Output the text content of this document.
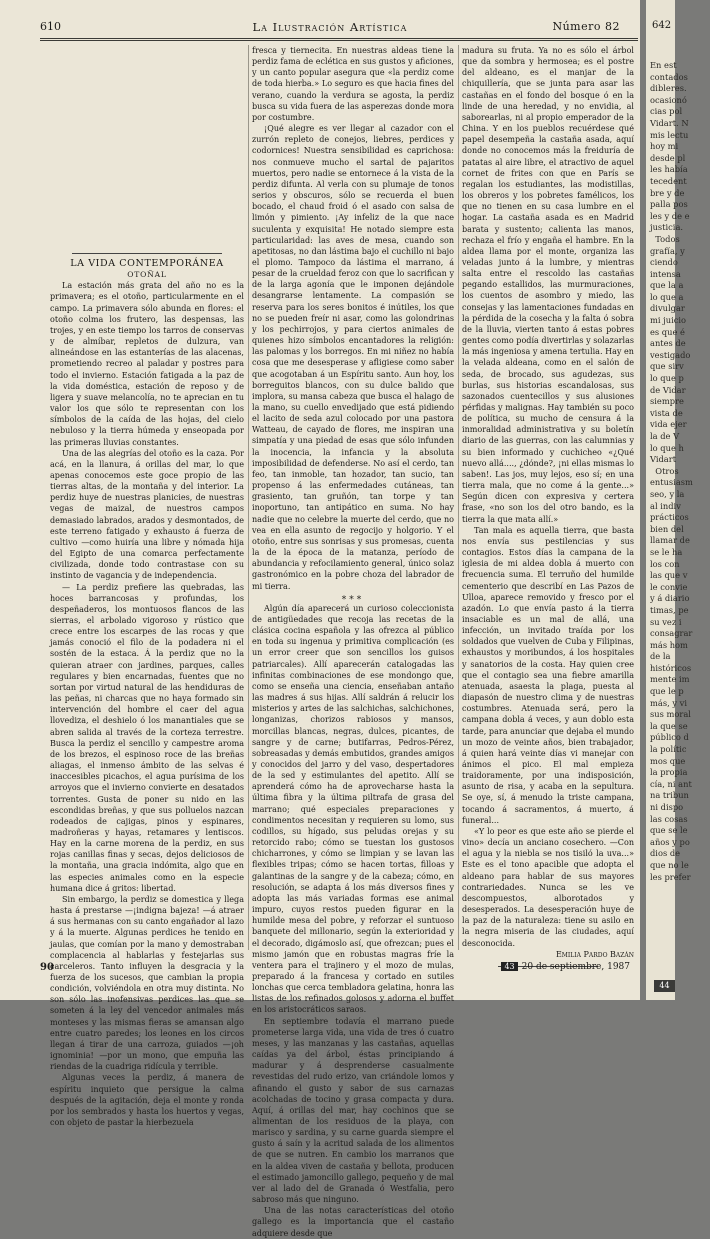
610	La Ilustración Artística	Número 82

LA VIDA CONTEMPORÁNEA

OTOÑAL

La estación más grata del año no es la primavera; es el otoño, particularmente en el campo. La primavera sólo abunda en flores: el otoño colma los frutero, las despensas, las trojes, y en este tiempo los tarros de conservas y de almíbar, repletos de dulzura, van alineándose en las estanterías de las alacenas, prometiendo recreo al paladar y postres para todo el invierno. Estación fatigada a la paz de la vida doméstica, estación de reposo y de ligera y suave melancolía, no te aprecian en tu valor los que sólo te representan con los símbolos de la caída de las hojas, del cielo nebuloso y la tierra húmeda y enseopada por las primeras lluvias constantes.

Una de las alegrías del otoño es la caza. Por acá, en la llanura, á orillas del mar, lo que apenas conocemos este goce propio de las tierras altas, de la montaña y del interior. La perdiz huye de nuestras planicies, de nuestras vegas de maizal, de nuestros campos demasiado labrados, arados y desmontados, de este terreno fatigado y exhausto á fuerza de cultivo —como huiría una libre y nómada hija del Egipto de una comarca perfectamente civilizada, donde todo contrastase con su instinto de vagancia y de independencia.

— La perdiz prefiere las quebradas, las hoces barrancosas y profundas, los despeñaderos, los montuosos flancos de las sierras, el arbolado vigoroso y rústico que crece entre los escarpes de las rocas y que jamás conoció el filo de la podadera ni el sostén de la estaca. Á la perdiz que no la quieran atraer con jardines, parques, calles regulares y bien encarnadas, fuentes que no sortan por virtud natural de las hendiduras de las peñas, ni charcas que no haya formado sin intervención del hombre el caer del agua llovediza, el deshielo ó los manantiales que se abren salida al través de la corteza terrestre. Busca la perdiz el sencillo y campestre aroma de los brezos, el espinoso roce de las breñas aliagas, el inmenso ámbito de las selvas é inaccesibles picachos, el agua purísima de los arroyos que el invierno convierte en desatados torrentes. Gusta de poner su nido en las escondidas breñas, y que sus polluelos nazcan rodeados de cajigas, pinos y espinares, madroñeras y hayas, retamares y lentiscos. Hay en la carne morena de la perdiz, en sus rojas canillas finas y secas, dejos deliciosos de la montaña, una gracia indómita, algo que en las especies animales como en la especie humana dice á gritos: libertad.

Sin embargo, la perdiz se domestica y llega hasta á prestarse —¡indigna bajeza! —á atraer á sus hermanas con su canto engañador al lazo y á la muerte. Algunas perdices he tenido en jaulas, que comían por la mano y demostraban complacencia al hablarlas y festejarlas sus carceleros. Tanto influyen la desgracia y la fuerza de los sucesos, que cambian la propia condición, volviéndola en otra muy distinta. No son sólo las inofensivas perdices las que se someten á la ley del vencedor animales más monteses y las mismas fieras se amansan algo entre cuatro paredes; los leones en los circos llegan á tirar de una carroza, guiados —¡oh ignominia! —por un mono, que empuña las riendas de la cuadriga ridícula y terrible.

Algunas veces la perdiz, á manera de espíritu inquieto que persigue la calma después de la agitación, deja el monte y ronda por los sembrados y hasta los huertos y vegas, con objeto de pastar la hierbezuela

fresca y tiernecita. En nuestras aldeas tiene la perdiz fama de eclética en sus gustos y aficiones, y un canto popular asegura que «la perdiz come de toda hierba.» Lo seguro es que hacia fines del verano, cuando la verdura se agosta, la perdiz busca su vida fuera de las asperezas donde mora por costumbre.

¡Qué alegre es ver llegar al cazador con el zurrón repleto de conejos, liebres, perdices y codornices! Nuestra sensibilidad es caprichosa: nos conmueve mucho el sartal de pajaritos muertos, pero nadie se entornece á la vista de la perdiz difunta. Al verla con su plumaje de tonos serios y obscuros, sólo se recuerda el buen bocado, el chaud froid ó el asado con salsa de limón y pimiento. ¡Ay infeliz de la que nace suculenta y exquisita! He notado siempre esta particularidad: las aves de mesa, cuando son apetitosas, no dan lástima bajo el cuchillo ni bajo el plomo. Tampoco da lástima el marrano, á pesar de la crueldad feroz con que lo sacrifican y de la larga agonía que le imponen dejándole desangrarse lentamente. La compasión se reserva para los seres bonitos é inútiles, los que no se pueden freír ni asar, como las golondrinas y los pechirrojos, y para ciertos animales de quienes hizo símbolos encantadores la religión: las palomas y los borregos. En mi niñez no había cosa que me desesperase y afligiese como saber que acogotaban á un Espíritu santo. Aun hoy, los borreguitos blancos, con su dulce balido que implora, su mansa cabeza que busca el halago de la mano, su cuello envedijado que está pidiendo el lacito de seda azul colocado por una pastora Watteau, de cayado de flores, me inspiran una simpatía y una piedad de esas que sólo infunden la inocencia, la infancia y la absoluta imposibilidad de defenderse. No así el cerdo, tan feo, tan inmoble, tan hozador, tan sucio, tan propenso á las enfermedades cutáneas, tan grasiento, tan gruñón, tan torpe y tan inoportuno, tan antipático en suma. No hay nadie que no celebre la muerte del cerdo, que no vea en ella asunto de regocijo y holgorio. Y el otoño, entre sus sonrisas y sus promesas, cuenta la de la época de la matanza, período de abundancia y refocilamiento general, único solaz gastronómico en la pobre choza del labrador de mi tierra.

⁎⁎⁎

Algún día aparecerá un curioso coleccionista de antigüedades que recoja las recetas de la clásica cocina española y las ofrezca al público en toda su ingenua y primitiva complicación (es un error creer que son sencillos los guisos patriarcales). Allí aparecerán catalogadas las infinitas combinaciones de ese mondongo que, como se enseña una ciencia, enseñaban antaño las madres á sus hijas. Allí saldrán á relucir los misterios y artes de las salchichas, salchichones, longanizas, chorizos rabiosos y mansos, morcillas blancas, negras, dulces, picantes, de sangre y de carne; butifarras, Pedros-Pérez, sobreasadas y demás embutidos, grandes amigos y conocidos del jarro y del vaso, despertadores de la sed y estimulantes del apetito. Allí se aprenderá cómo ha de aprovecharse hasta la última fibra y la última piltrafa de grasa del marrano; qué especiales preparaciones y condimentos necesitan y requieren su lomo, sus codillos, su hígado, sus peludas orejas y su retorcido rabo; cómo se tuestan los gustosos chicharrones, y cómo se limpian y se lavan las flexibles tripas; cómo se hacen tortas, filloas y galantinas de la sangre y de la cabeza; cómo, en resolución, se adapta á los más diversos fines y adopta las más variadas formas ese animal impuro, cuyos restos pueden figurar en la humilde mesa del pobre, y reforzar el suntuoso banquete del millonario, según la exterioridad y el decorado, digámoslo así, que ofrezcan; pues el mismo jamón que en robustas magras fríe la ventera para el trajinero y el mozo de mulas, preparado á la francesa y cortado en sutiles lonchas que cerca tembladora gelatina, honra las listas de los refinados golosos y adorna el buffet en los aristocráticos saraos.

En septiembre todavía el marrano puede prometerse larga vida, una vida de tres ó cuatro meses, y las manzanas y las castañas, aquellas caídas ya del árbol, éstas principiando á madurar y á desprenderse casualmente revestidas del rudo erizo, van criándole lomos y afinando el gusto y sabor de sus carnazas acolchadas de tocino y grasa compacta y dura. Aquí, á orillas del mar, hay cochinos que se alimentan de los residuos de la playa, con marisco y sardina, y su carne guarda siempre el gusto á saín y la acritud salada de los alimentos de que se nutren. En cambio los marranos que en la aldea viven de castaña y bellota, producen el estimado jamoncillo gallego, pequeño y de mal ver al lado del de Granada ó Westfalia, pero sabroso más que ninguno.

Una de las notas características del otoño gallego es la importancia que el castaño adquiere desde que

madura su fruta. Ya no es sólo el árbol que da sombra y hermosea; es el postre del aldeano, es el manjar de la chiquillería, que se junta para asar las castañas en el fondo del bosque ó en la linde de una heredad, y no envidia, al saborearlas, ni al propio emperador de la China. Y en los pueblos recuérdese qué papel desempeña la castaña asada, aquí donde no conocemos más la freiduría de patatas al aire libre, el atractivo de aquel cornet de frites con que en París se regalan los estudiantes, las modistillas, los obreros y los pobretes famélicos, los que no tienen en su casa lumbre en el hogar. La castaña asada es en Madrid barata y sustento; calienta las manos, rechaza el frío y engaña el hambre. En la aldea llama por el monte, organiza las veladas junto á la lumbre, y mientras salta entre el rescoldo las castañas pegando estallidos, las murmuraciones, los cuentos de asombro y miedo, las consejas y las lamentaciones fundadas en la pérdida de la cosecha y la falta ó sobra de la lluvia, vierten tanto á estas pobres gentes como podía divertirlas y solazarlas la más ingeniosa y amena tertulia. Hay en la velada aldeana, como en el salón de seda, de brocado, sus agudezas, sus burlas, sus historias escandalosas, sus sazonados cuentecillos y sus alusiones pérfidas y malignas. Hay también su poco de política, su mucho de censura á la inmoralidad administrativa y su boletín diario de las guerras, con las calumnias y su bien informado y cuchicheo «¿Qué nuevo allá...., ¿dónde?, ¡ni ellas mismas lo saben!. Las jos, muy lejos, eso sí; en una tierra mala, que no come á la gente...» Según dicen con expresiva y certera frase, «no son los del otro bando, es la tierra la que mata allí.»

Tan mala es aquella tierra, que basta nos envía sus pestilencias y sus contagios. Estos días la campana de la iglesia de mi aldea dobla á muerto con frecuencia suma. El terruño del humilde cementerio que describí en Las Pazos de Ulloa, aparece removido y fresco por el azadón. Lo que envía pasto á la tierra insaciable es un mal de allá, una infección, un invitado traída por los soldados que vuelven de Cuba y Filipinas, exhaustos y moribundos, á los hospitales y sanatorios de la costa. Hay quien cree que el contagio sea una fiebre amarilla atenuada, asaesta la plaga, puesta al diapasón de nuestro clima y de nuestras costumbres. Atenuada será, pero la campana dobla á veces, y aun doblo esta tarde, para anunciar que dejaba el mundo un mozo de veinte años, bien trabajador, á quien hará veinte días vi manejar con ánimos el pico. El mal empieza traidoramente, por una indisposición, asunto de risa, y acaba en la sepultura. Se oye, sí, á menudo la triste campana, tocando á sacramentos, á muerto, á funeral...

«Y lo peor es que este año se pierde el vino» decía un anciano cosechero. —Con el agua y la niebla se nos tisiló la uva...» Este es el tono apacible que adopta el aldeano para hablar de sus mayores contrariedades. Nunca se les ve descompuestos, alborotados y desesperados. La desesperación huye de la paz de la naturaleza: tiene su asilo en la negra miseria de las ciudades, aquí desconocida.

Emilia Pardo Bazán

90	43 20 de septiembre, 1987
642
En est
contados
dibleres.
ocasionó
cias pol
Vidart. N
mis lectu
hoy mi
desde pl
les había
tecedent
bre y de
palla pos
les y de e
justicia.
Todos
grafía, y
ciendo
intensa
que la a
lo que a
divulgar
mi juicio
es que é
antes de
vestigado
que sirv
lo que p
de Vidar
siempre
vista de
vida ejer
la de V
lo que h
Vidart
Otros
entusiasm
seo, y la
al indiv
prácticos
bien del
llamar de
se le ha
los con
las que v
le convie
y á diario
timas, pe
su vez i
consagrar
más hom
de la
históricos
mente im
que le p
más, y vi
sus moral
la que se
público d
la polític
mos que
la propia
cía, ni ant
na tribun
ni dispo
las cosas
que se le
años y po
dios de
que no le
les prefer
44
